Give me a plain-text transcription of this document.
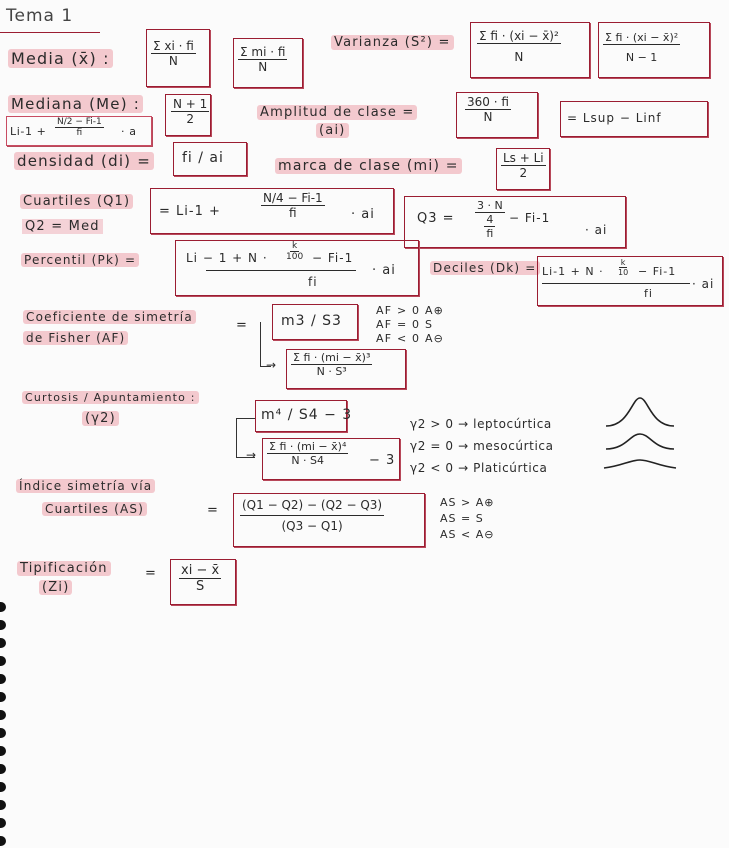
Tema 1
Media (x̄) :	$\frac{\text{Σ xi · fi}}{N}$	$\frac{\text{Σ mi · fi}}{N}$
Varianza $(S^2) = \frac{\text{Σ fi · (xi − x̄)²}}{N}$	$\frac{\text{Σ fi · (xi − x̄)²}}{N - 1}$
Mediana (Me) :	$\frac{N + 1}{2}$
$Li-1 + \frac{N/2 - Fi-1}{fi} \cdot a$
Amplitud de clase =
(ai)
$\frac{360 \cdot fi}{N}$	= Lsup − Linf
densidad (di) = fi / ai	marca de clase (mi) =	$\frac{Ls + Li}{2}$
Cuartiles (Q1)
Q2 = Med
= Li-1 +	$\frac{N/4 - Fi-1}{fi}$ · ai	Q3 =
3 · N
4
fi
− Fi-1
· ai
Percentil (Pk) =	$Li - 1 + N \cdot \frac{k}{100} - Fi-1$
fi
· ai	Deciles $(Dk) = Li-1 + N \cdot \frac{k}{10} - Fi-1$
fi
· ai
Coeficiente de simetría
de Fisher (AF)
= m3 / S3
→ $\frac{\text{Σ fi · (mi − x̄)³}}{\text{N · S³}}$
AF > 0 A⊕
AF = 0 S
AF < 0 A⊖
Curtosis / Apuntamiento :
(γ2)	m⁴ / S4 − 3
→ $\frac{\text{Σ fi · (mi − x̄)⁴}}{N \cdot S4} - 3$
γ2 > 0 → leptocúrtica
γ2 = 0 → mesocúrtica
γ2 < 0 → Platicúrtica
Índice simetría vía
Cuartiles (AS)	= $\frac{(Q1 - Q2) - (Q2 - Q3)}{(Q3 - Q1)}$	AS > A⊕
AS = S
AS < A⊖
Tipificación
(Zi)
= $\frac{xi - x̄}{S}$
